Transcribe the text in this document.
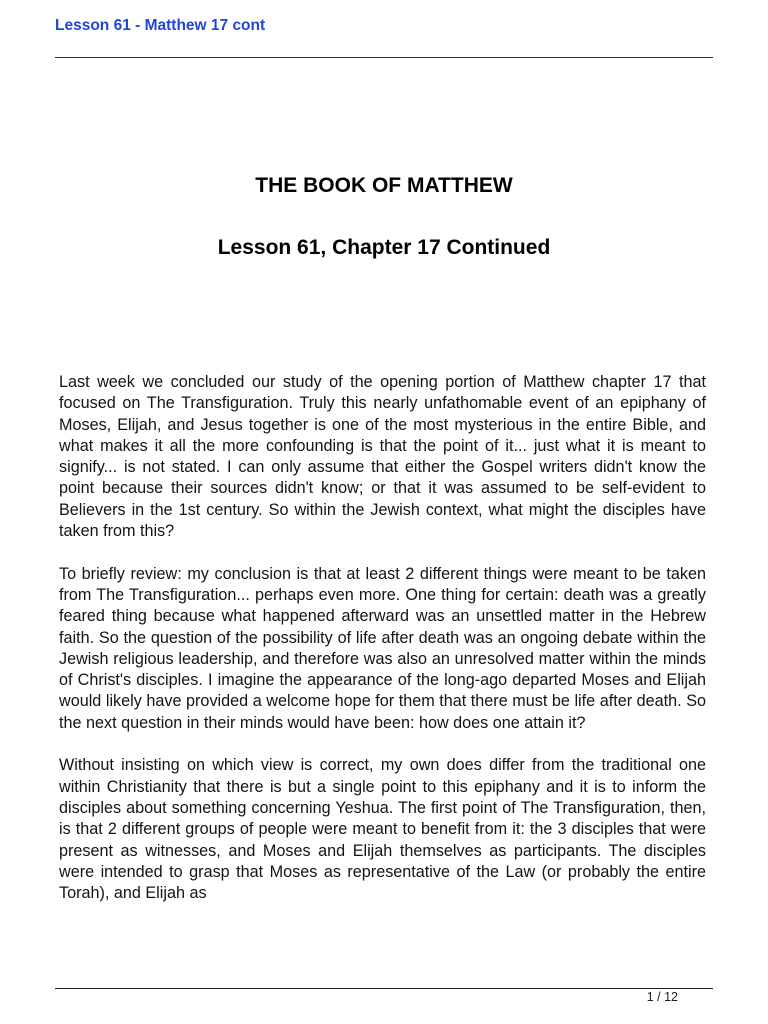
Lesson 61 - Matthew 17 cont
THE BOOK OF MATTHEW
Lesson 61, Chapter 17 Continued

Last week we concluded our study of the opening portion of Matthew chapter 17 that focused on The Transfiguration. Truly this nearly unfathomable event of an epiphany of Moses, Elijah, and Jesus together is one of the most mysterious in the entire Bible, and what makes it all the more confounding is that the point of it... just what it is meant to signify... is not stated. I can only assume that either the Gospel writers didn't know the point because their sources didn't know; or that it was assumed to be self-evident to Believers in the 1st century. So within the Jewish context, what might the disciples have taken from this?

To briefly review: my conclusion is that at least 2 different things were meant to be taken from The Transfiguration... perhaps even more. One thing for certain: death was a greatly feared thing because what happened afterward was an unsettled matter in the Hebrew faith. So the question of the possibility of life after death was an ongoing debate within the Jewish religious leadership, and therefore was also an unresolved matter within the minds of Christ's disciples. I imagine the appearance of the long-ago departed Moses and Elijah would likely have provided a welcome hope for them that there must be life after death. So the next question in their minds would have been: how does one attain it?

Without insisting on which view is correct, my own does differ from the traditional one within Christianity that there is but a single point to this epiphany and it is to inform the disciples about something concerning Yeshua. The first point of The Transfiguration, then, is that 2 different groups of people were meant to benefit from it: the 3 disciples that were present as witnesses, and Moses and Elijah themselves as participants. The disciples were intended to grasp that Moses as representative of the Law (or probably the entire Torah), and Elijah as

1 / 12
